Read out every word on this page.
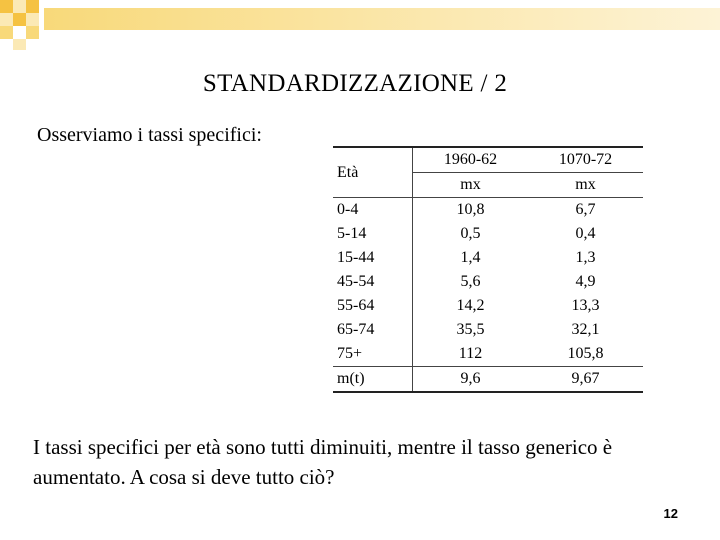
STANDARDIZZAZIONE / 2
Osserviamo i tassi specifici:
Età	1960-62	1070-72
	mx	mx
0-4	10,8	6,7
5-14	0,5	0,4
15-44	1,4	1,3
45-54	5,6	4,9
55-64	14,2	13,3
65-74	35,5	32,1
75+	112	105,8
m(t)	9,6	9,67
I tassi specifici per età sono tutti diminuiti, mentre il tasso generico è aumentato. A cosa si deve tutto ciò?
12
